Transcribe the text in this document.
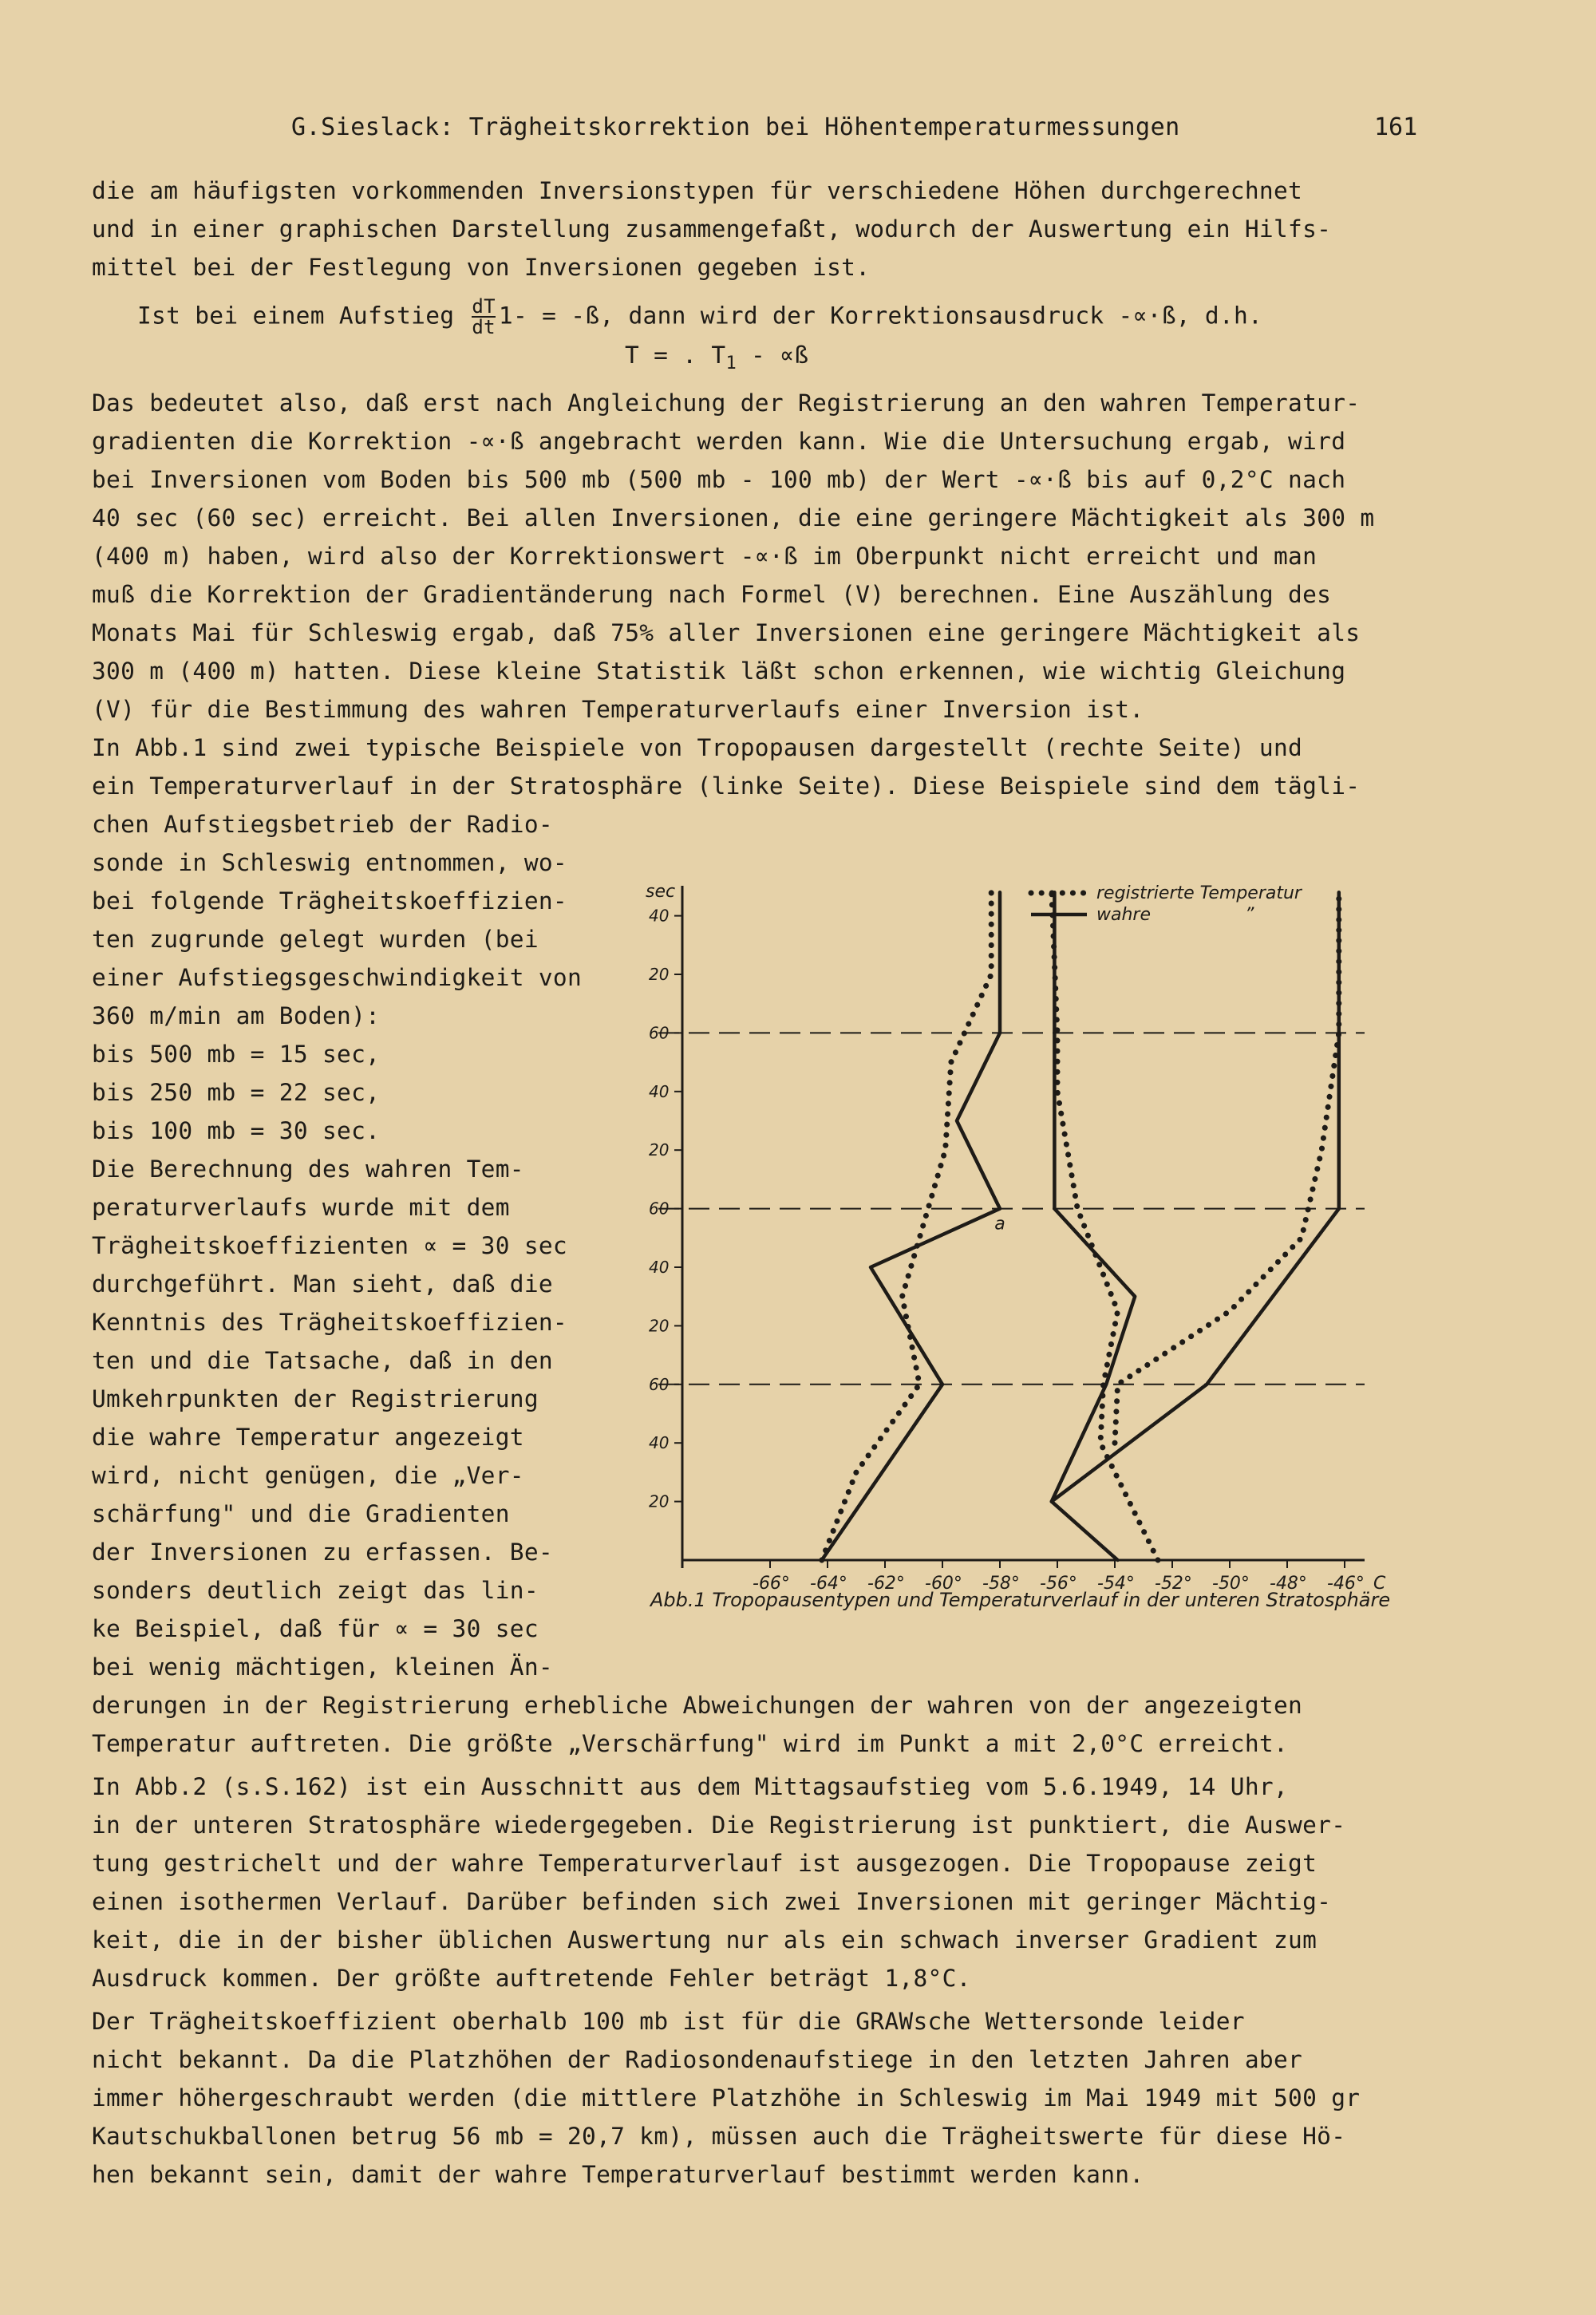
G.Sieslack: Trägheitskorrektion bei Höhentemperaturmessungen	161
die am häufigsten vorkommenden Inversionstypen für verschiedene Höhen durchgerechnet
und in einer graphischen Darstellung zusammengefaßt, wodurch der Auswertung ein Hilfs-
mittel bei der Festlegung von Inversionen gegeben ist.
Ist bei einem Aufstieg $\frac{dT}{dt} 1-$ = -ß, dann wird der Korrektionsausdruck -∝·ß, d.h.
T = . $T_1$ - ∝ß
Das bedeutet also, daß erst nach Angleichung der Registrierung an den wahren Temperatur-
gradienten die Korrektion -∝·ß angebracht werden kann. Wie die Untersuchung ergab, wird
bei Inversionen vom Boden bis 500 mb (500 mb - 100 mb) der Wert -∝·ß bis auf 0,2°C nach
40 sec (60 sec) erreicht. Bei allen Inversionen, die eine geringere Mächtigkeit als 300 m
(400 m) haben, wird also der Korrektionswert -∝·ß im Oberpunkt nicht erreicht und man
muß die Korrektion der Gradientänderung nach Formel (V) berechnen. Eine Auszählung des
Monats Mai für Schleswig ergab, daß 75% aller Inversionen eine geringere Mächtigkeit als
300 m (400 m) hatten. Diese kleine Statistik läßt schon erkennen, wie wichtig Gleichung
(V) für die Bestimmung des wahren Temperaturverlaufs einer Inversion ist.
In Abb.1 sind zwei typische Beispiele von Tropopausen dargestellt (rechte Seite) und
ein Temperaturverlauf in der Stratosphäre (linke Seite). Diese Beispiele sind dem tägli-
chen Aufstiegsbetrieb der Radio-
sonde in Schleswig entnommen, wo-
bei folgende Trägheitskoeffizien-
ten zugrunde gelegt wurden (bei
einer Aufstiegsgeschwindigkeit von
360 m/min am Boden):
bis 500 mb = 15 sec,
bis 250 mb = 22 sec,
bis 100 mb = 30 sec.
Die Berechnung des wahren Tem-
peraturverlaufs wurde mit dem
Trägheitskoeffizienten ∝ = 30 sec
durchgeführt. Man sieht, daß die
Kenntnis des Trägheitskoeffizien-
ten und die Tatsache, daß in den
Umkehrpunkten der Registrierung
die wahre Temperatur angezeigt
wird, nicht genügen, die „Ver-
schärfung" und die Gradienten
der Inversionen zu erfassen. Be-
sonders deutlich zeigt das lin-
ke Beispiel, daß für ∝ = 30 sec
bei wenig mächtigen, kleinen Än-
derungen in der Registrierung erhebliche Abweichungen der wahren von der angezeigten
Temperatur auftreten. Die größte „Verschärfung" wird im Punkt a mit 2,0°C erreicht.
In Abb.2 (s.S.162) ist ein Ausschnitt aus dem Mittagsaufstieg vom 5.6.1949, 14 Uhr,
in der unteren Stratosphäre wiedergegeben. Die Registrierung ist punktiert, die Auswer-
tung gestrichelt und der wahre Temperaturverlauf ist ausgezogen. Die Tropopause zeigt
einen isothermen Verlauf. Darüber befinden sich zwei Inversionen mit geringer Mächtig-
keit, die in der bisher üblichen Auswertung nur als ein schwach inverser Gradient zum
Ausdruck kommen. Der größte auftretende Fehler beträgt 1,8°C.
Der Trägheitskoeffizient oberhalb 100 mb ist für die GRAWsche Wettersonde leider
nicht bekannt. Da die Platzhöhen der Radiosondenaufstiege in den letzten Jahren aber
immer höhergeschraubt werden (die mittlere Platzhöhe in Schleswig im Mai 1949 mit 500 gr
Kautschukballonen betrug 56 mb = 20,7 km), müssen auch die Trägheitswerte für diese Hö-
hen bekannt sein, damit der wahre Temperaturverlauf bestimmt werden kann.
sec
20
40
60
20
40
60
20
40
60
20
40
-66° -64° -62° -60° -58° -56° -54° -52° -50° -48° -46° C
a
registrierte Temperatur
wahre	”
Abb.1 Tropopausentypen und Temperaturverlauf in der unteren Stratosphäre
